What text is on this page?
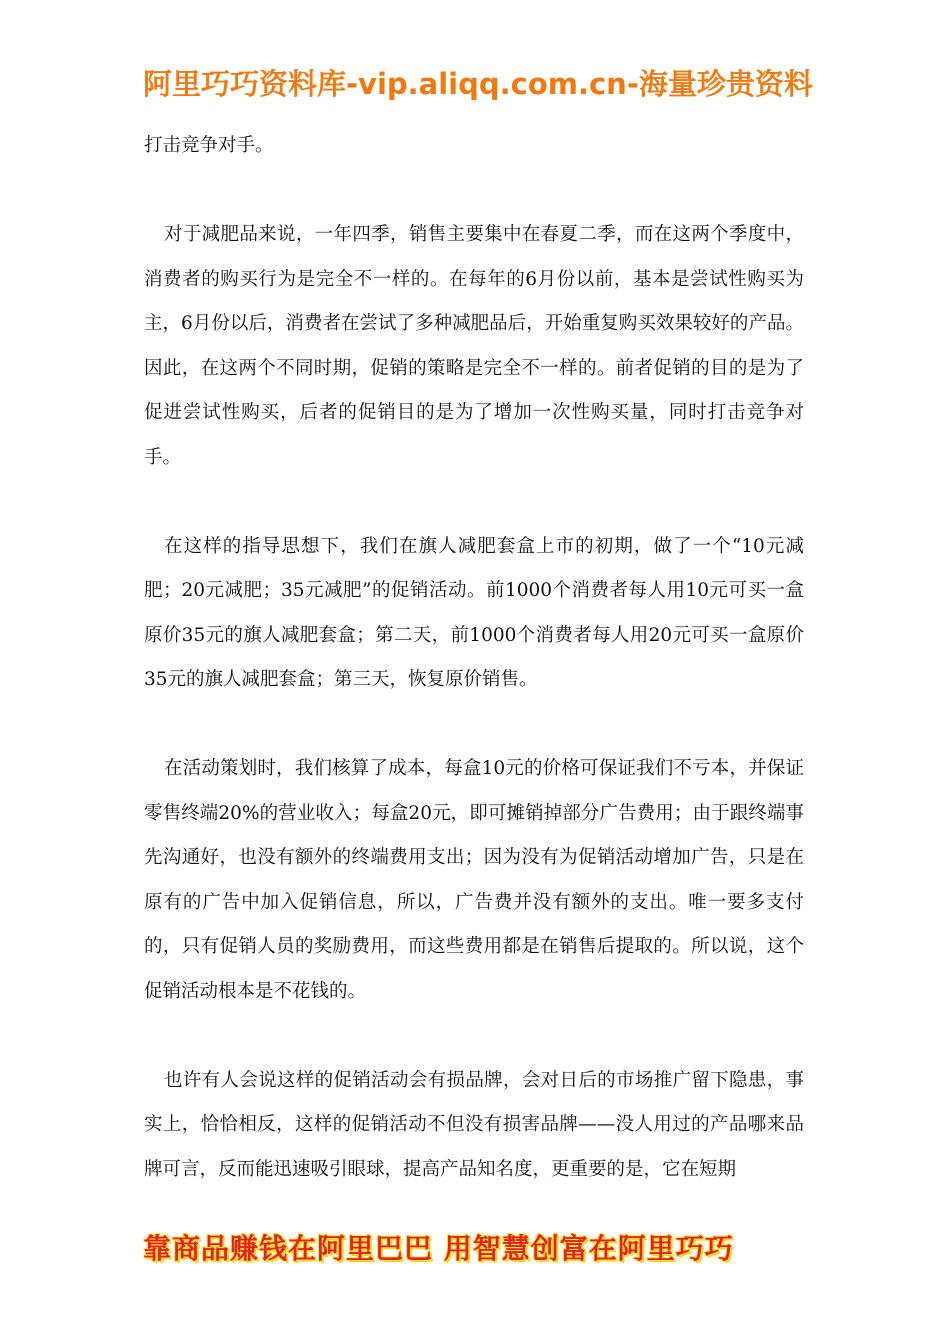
阿里巧巧资料库-vip.aliqq.com.cn-海量珍贵资料

打击竞争对手。

对于减肥品来说，一年四季，销售主要集中在春夏二季，而在这两个季度中，消费者的购买行为是完全不一样的。在每年的6月份以前，基本是尝试性购买为主，6月份以后，消费者在尝试了多种减肥品后，开始重复购买效果较好的产品。因此，在这两个不同时期，促销的策略是完全不一样的。前者促销的目的是为了促进尝试性购买，后者的促销目的是为了增加一次性购买量，同时打击竞争对手。

在这样的指导思想下，我们在旗人减肥套盒上市的初期，做了一个“10元减肥；20元减肥；35元减肥”的促销活动。前1000个消费者每人用10元可买一盒原价35元的旗人减肥套盒；第二天，前1000个消费者每人用20元可买一盒原价35元的旗人减肥套盒；第三天，恢复原价销售。

在活动策划时，我们核算了成本，每盒10元的价格可保证我们不亏本，并保证零售终端20%的营业收入；每盒20元，即可摊销掉部分广告费用；由于跟终端事先沟通好，也没有额外的终端费用支出；因为没有为促销活动增加广告，只是在原有的广告中加入促销信息，所以，广告费并没有额外的支出。唯一要多支付的，只有促销人员的奖励费用，而这些费用都是在销售后提取的。所以说，这个促销活动根本是不花钱的。

也许有人会说这样的促销活动会有损品牌，会对日后的市场推广留下隐患，事实上，恰恰相反，这样的促销活动不但没有损害品牌——没人用过的产品哪来品牌可言，反而能迅速吸引眼球，提高产品知名度，更重要的是，它在短期

靠商品赚钱在阿里巴巴 用智慧创富在阿里巧巧
